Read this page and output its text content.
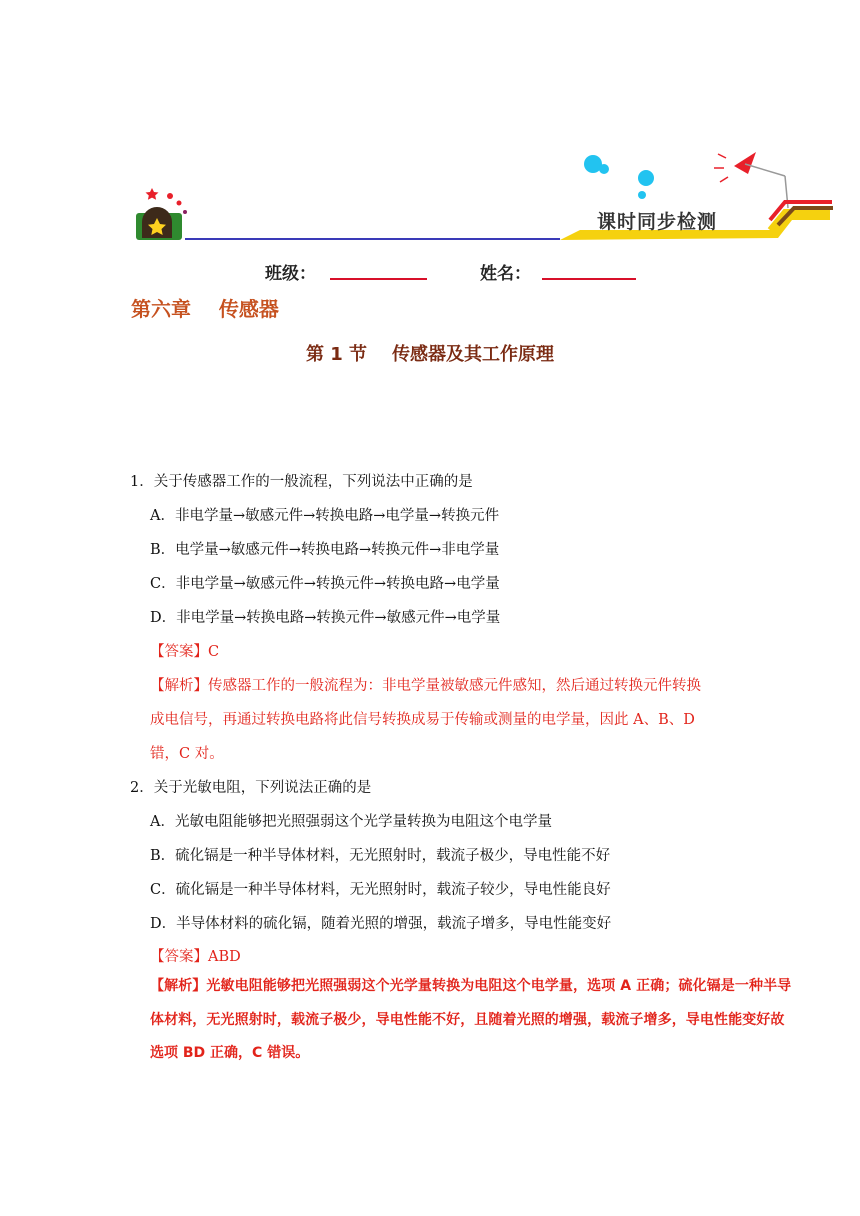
课时同步检测
班级：	姓名：
第六章    传感器
第 1 节    传感器及其工作原理
1．关于传感器工作的一般流程，下列说法中正确的是
A．非电学量→敏感元件→转换电路→电学量→转换元件
B．电学量→敏感元件→转换电路→转换元件→非电学量
C．非电学量→敏感元件→转换元件→转换电路→电学量
D．非电学量→转换电路→转换元件→敏感元件→电学量
【答案】C
【解析】传感器工作的一般流程为：非电学量被敏感元件感知，然后通过转换元件转换
成电信号，再通过转换电路将此信号转换成易于传输或测量的电学量，因此 A、B、D
错，C 对。
2．关于光敏电阻，下列说法正确的是
A．光敏电阻能够把光照强弱这个光学量转换为电阻这个电学量
B．硫化镉是一种半导体材料，无光照射时，载流子极少，导电性能不好
C．硫化镉是一种半导体材料，无光照射时，载流子较少，导电性能良好
D．半导体材料的硫化镉，随着光照的增强，载流子增多，导电性能变好
【答案】ABD
【解析】光敏电阻能够把光照强弱这个光学量转换为电阻这个电学量，选项 A 正确；硫化镉是一种半导
体材料，无光照射时，载流子极少，导电性能不好，且随着光照的增强，载流子增多，导电性能变好故
选项 BD 正确，C 错误。
